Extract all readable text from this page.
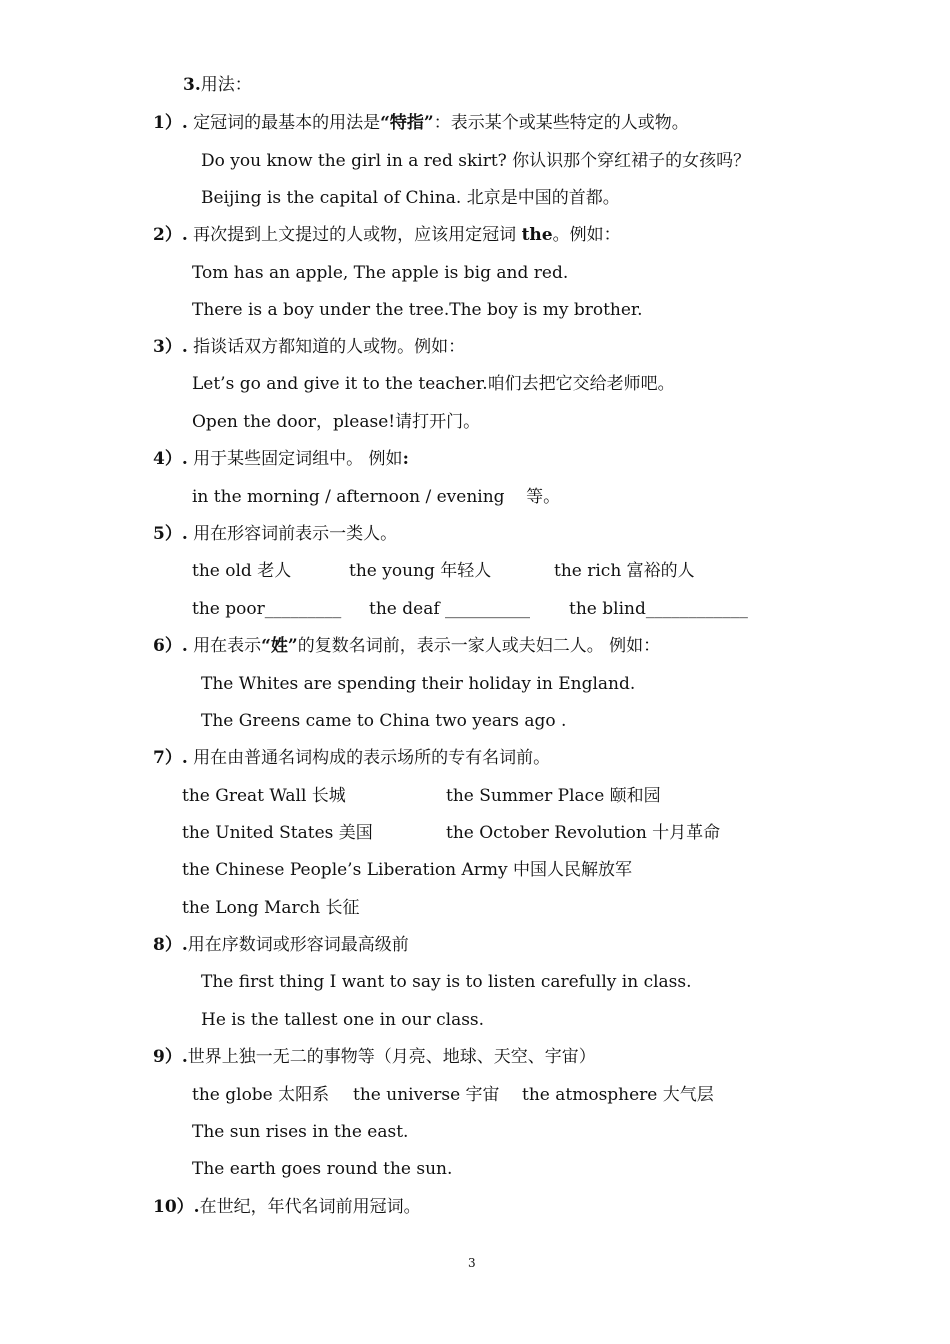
3.用法：
1）. 定冠词的最基本的用法是“特指”：表示某个或某些特定的人或物。
Do you know the girl in a red skirt? 你认识那个穿红裙子的女孩吗？
Beijing is the capital of China. 北京是中国的首都。
2）. 再次提到上文提过的人或物，应该用定冠词 the。例如：
Tom has an apple, The apple is big and red.
There is a boy under the tree.The boy is my brother.
3）. 指谈话双方都知道的人或物。例如：
Let’s go and give it to the teacher.咱们去把它交给老师吧。
Open the door，please!请打开门。
4）. 用于某些固定词组中。 例如:
in the morning / afternoon / evening    等。
5）. 用在形容词前表示一类人。
the old 老人	the young 年轻人	the rich 富裕的人
the poor_________ the deaf __________ the blind____________
6）. 用在表示“姓”的复数名词前，表示一家人或夫妇二人。 例如：
The Whites are spending their holiday in England.
The Greens came to China two years ago .
7）. 用在由普通名词构成的表示场所的专有名词前。
the Great Wall 长城	the Summer Place 颐和园
the United States 美国	the October Revolution 十月革命
the Chinese People’s Liberation Army 中国人民解放军
the Long March 长征
8）.用在序数词或形容词最高级前
The first thing I want to say is to listen carefully in class.
He is the tallest one in our class.
9）.世界上独一无二的事物等（月亮、地球、天空、宇宙）
the globe 太阳系 the universe 宇宙 the atmosphere 大气层
The sun rises in the east.
The earth goes round the sun.
10）.在世纪，年代名词前用冠词。
3
